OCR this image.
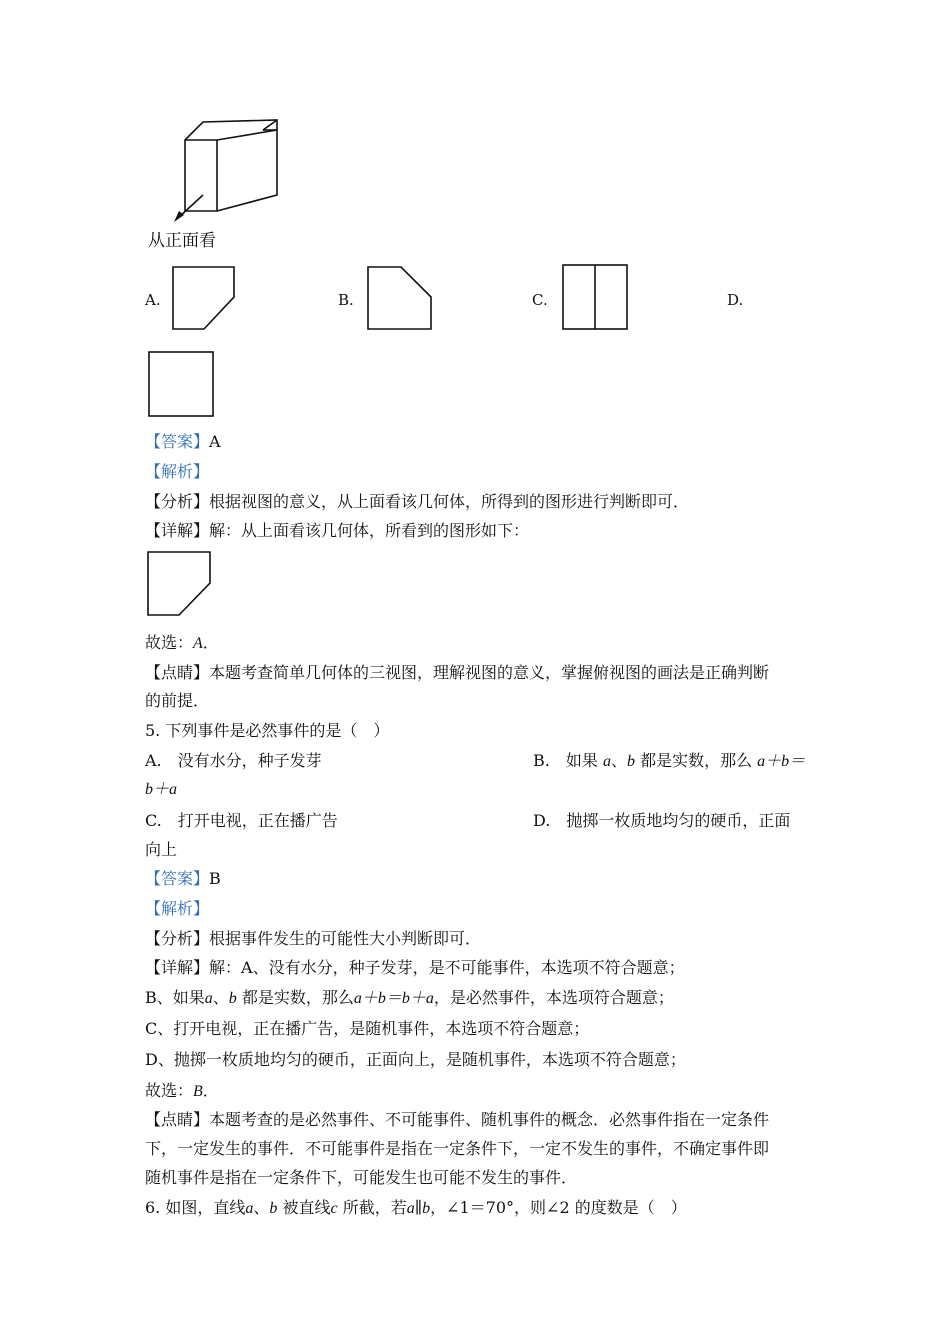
从正面看
A.	B.	C.	D.
【答案】A
【解析】
【分析】根据视图的意义，从上面看该几何体，所得到的图形进行判断即可．
【详解】解：从上面看该几何体，所看到的图形如下：
故选：A．
【点睛】本题考查简单几何体的三视图，理解视图的意义，掌握俯视图的画法是正确判断
的前提．
5. 下列事件是必然事件的是（　）
A.　没有水分，种子发芽	B.　如果 a、b 都是实数，那么 a＋b＝
b＋a
C.　打开电视，正在播广告	D.　抛掷一枚质地均匀的硬币，正面
向上
【答案】B
【解析】
【分析】根据事件发生的可能性大小判断即可．
【详解】解：A、没有水分，种子发芽，是不可能事件，本选项不符合题意；
B、如果a、b 都是实数，那么a＋b＝b＋a，是必然事件，本选项符合题意；
C、打开电视，正在播广告，是随机事件，本选项不符合题意；
D、抛掷一枚质地均匀的硬币，正面向上，是随机事件，本选项不符合题意；
故选：B．
【点睛】本题考查的是必然事件、不可能事件、随机事件的概念．必然事件指在一定条件
下，一定发生的事件．不可能事件是指在一定条件下，一定不发生的事件，不确定事件即
随机事件是指在一定条件下，可能发生也可能不发生的事件．
6. 如图，直线a、b 被直线c 所截，若a∥b，∠1＝70°，则∠2 的度数是（　）
